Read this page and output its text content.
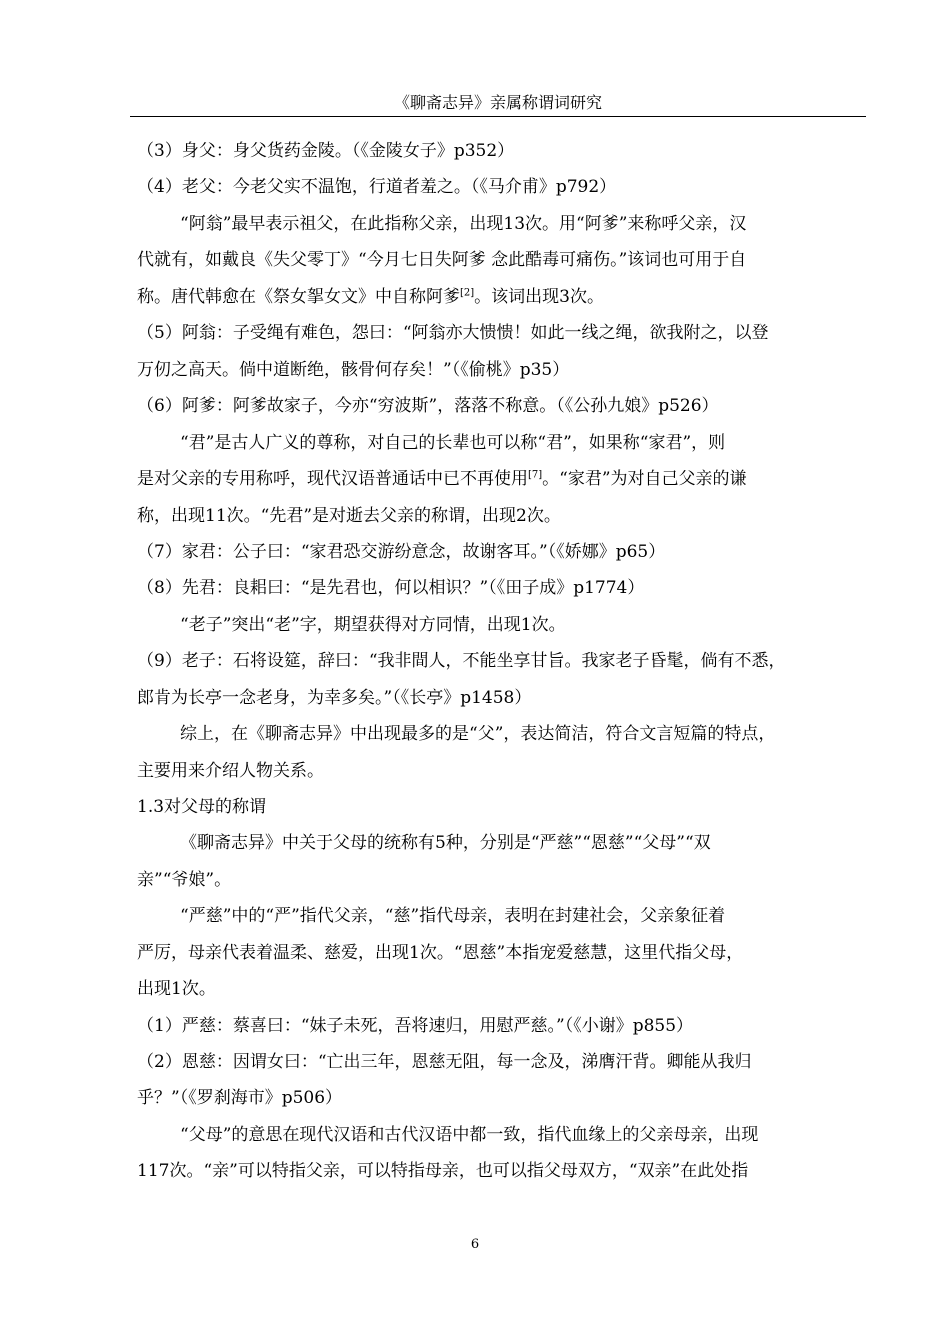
《聊斋志异》亲属称谓词研究
（3）身父：身父货药金陵。（《金陵女子》p352）
（4）老父：今老父实不温饱，行道者羞之。（《马介甫》p792）
“阿翁”最早表示祖父，在此指称父亲，出现13次。用“阿爹”来称呼父亲，汉
代就有，如戴良《失父零丁》“今月七日失阿爹 念此酷毒可痛伤。”该词也可用于自
称。唐代韩愈在《祭女挐女文》中自称阿爹[2]。该词出现3次。
（5）阿翁：子受绳有难色，怨曰：“阿翁亦大愦愦！如此一线之绳，欲我附之，以登
万仞之高天。倘中道断绝，骸骨何存矣！”（《偷桃》p35）
（6）阿爹：阿爹故家子，今亦“穷波斯”，落落不称意。（《公孙九娘》p526）
“君”是古人广义的尊称，对自己的长辈也可以称“君”，如果称“家君”，则
是对父亲的专用称呼，现代汉语普通话中已不再使用[7]。“家君”为对自己父亲的谦
称，出现11次。“先君”是对逝去父亲的称谓，出现2次。
（7）家君：公子曰：“家君恐交游纷意念，故谢客耳。”（《娇娜》p65）
（8）先君：良耜曰：“是先君也，何以相识？”（《田子成》p1774）
“老子”突出“老”字，期望获得对方同情，出现1次。
（9）老子：石将设筵，辞曰：“我非間人，不能坐享甘旨。我家老子昏髦，倘有不悉，
郎肯为长亭一念老身，为幸多矣。”（《长亭》p1458）
综上，在《聊斋志异》中出现最多的是“父”，表达简洁，符合文言短篇的特点，
主要用来介绍人物关系。
1.3对父母的称谓
《聊斋志异》中关于父母的统称有5种，分别是“严慈”“恩慈”“父母”“双
亲”“爷娘”。
“严慈”中的“严”指代父亲，“慈”指代母亲，表明在封建社会，父亲象征着
严厉，母亲代表着温柔、慈爱，出现1次。“恩慈”本指宠爱慈慧，这里代指父母，
出现1次。
（1）严慈：蔡喜曰：“妹子未死，吾将速归，用慰严慈。”（《小谢》p855）
（2）恩慈：因谓女曰：“亡出三年，恩慈无阻，每一念及，涕膺汗背。卿能从我归
乎？”（《罗刹海市》p506）
“父母”的意思在现代汉语和古代汉语中都一致，指代血缘上的父亲母亲，出现
117次。“亲”可以特指父亲，可以特指母亲，也可以指父母双方，“双亲”在此处指
6
